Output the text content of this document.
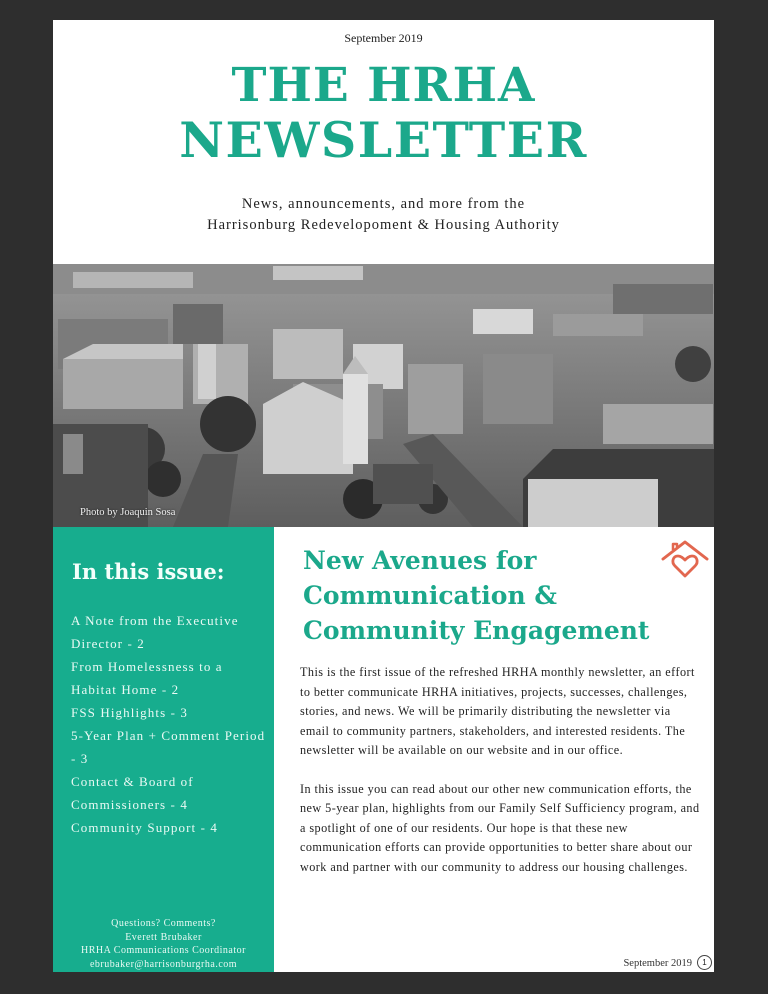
September 2019
THE HRHA
NEWSLETTER
News, announcements, and more from the
Harrisonburg Redevelopoment & Housing Authority
Photo by Joaquin Sosa
In this issue:
A Note from the Executive Director - 2
From Homelessness to a Habitat Home - 2
FSS Highlights - 3
5-Year Plan + Comment Period - 3
Contact & Board of Commissioners - 4
Community Support - 4
Questions? Comments?
Everett Brubaker
HRHA Communications Coordinator
ebrubaker@harrisonburgrha.com
New Avenues for Communication & Community Engagement

This is the first issue of the refreshed HRHA monthly newsletter, an effort to better communicate HRHA initiatives, projects, successes, challenges, stories, and news. We will be primarily distributing the newsletter via email to community partners, stakeholders, and interested residents. The newsletter will be available on our website and in our office.

In this issue you can read about our other new communication efforts, the new 5-year plan, highlights from our Family Self Sufficiency program, and a spotlight of one of our residents. Our hope is that these new communication efforts can provide opportunities to better share about our work and partner with our community to address our housing challenges.

September 2019	1
